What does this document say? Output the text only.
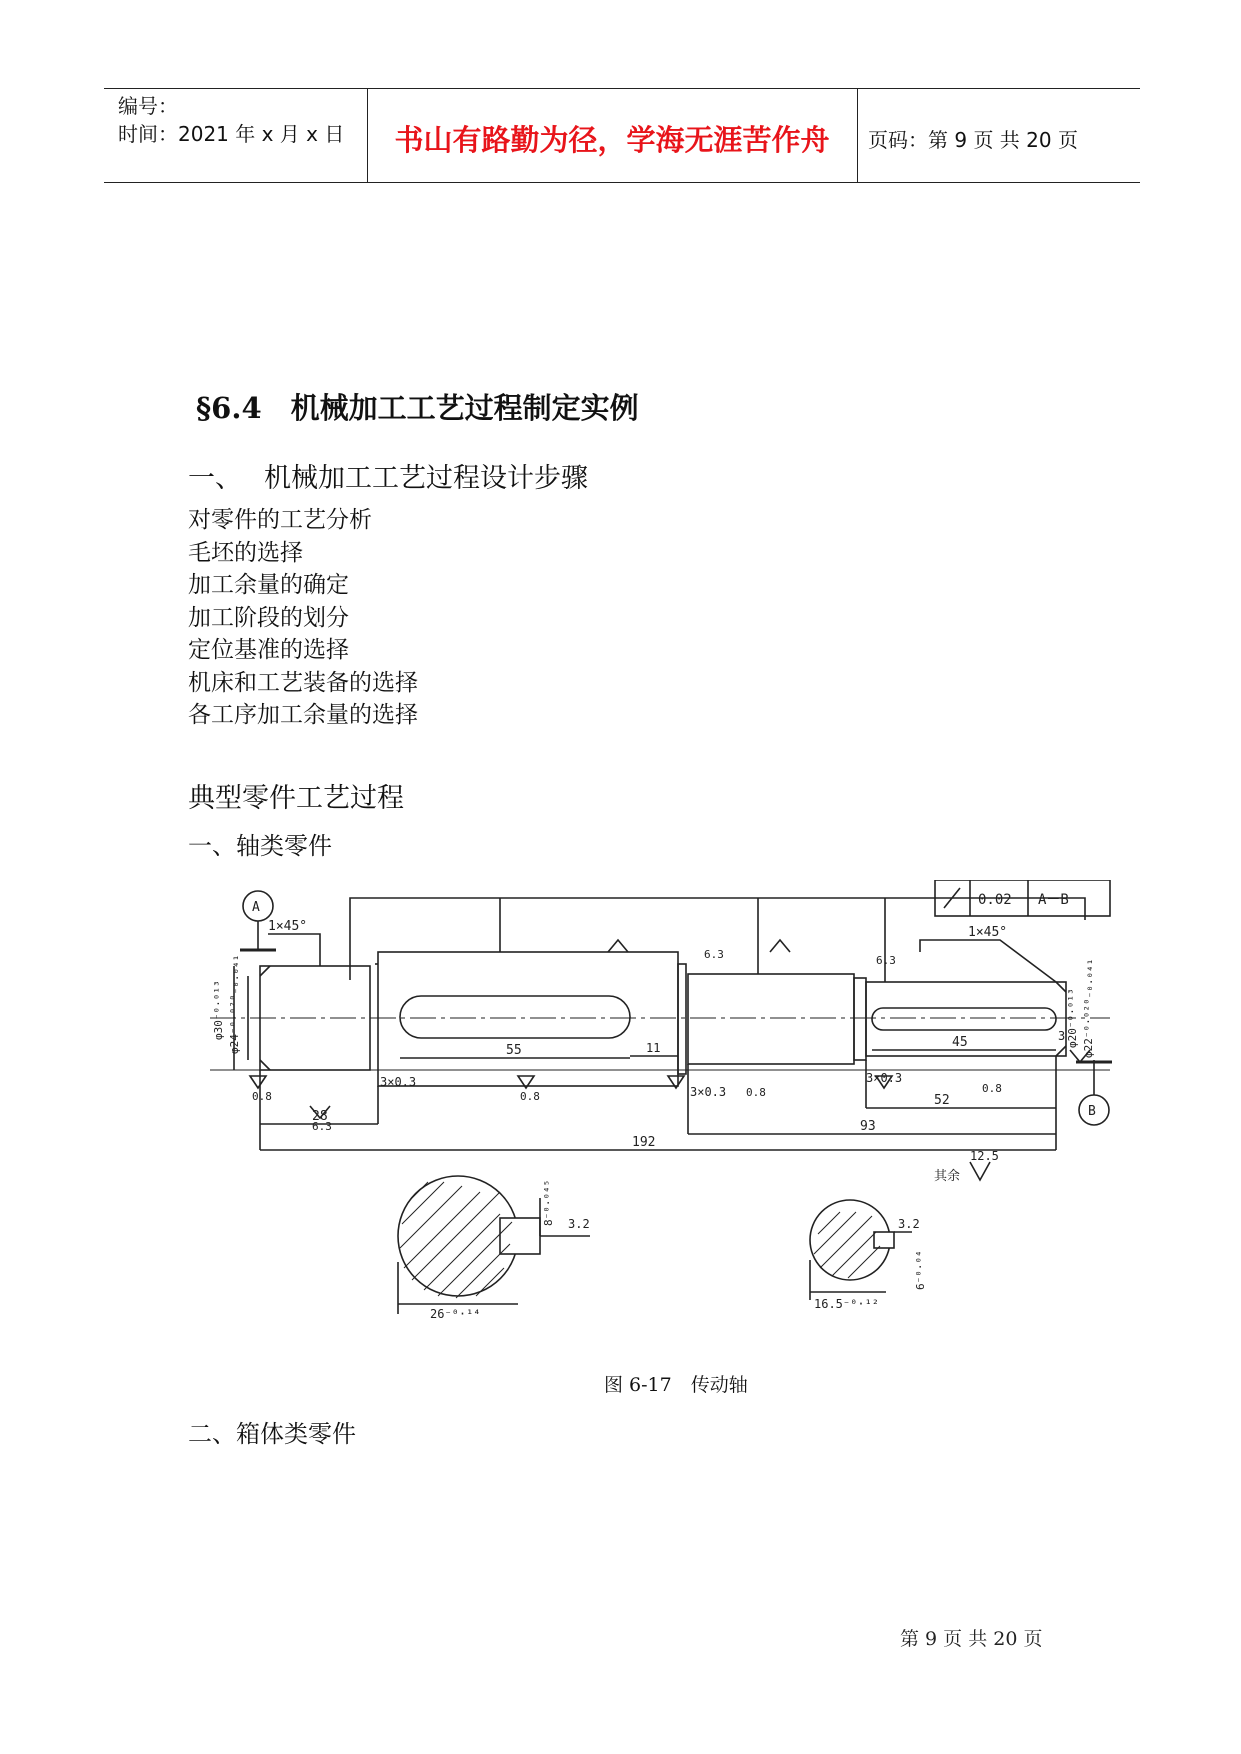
编号：
时间：2021 年 x 月 x 日	书山有路勤为径，学海无涯苦作舟	页码：第 9 页 共 20 页
§6.4　机械加工工艺过程制定实例
一、 机械加工工艺过程设计步骤
对零件的工艺分析
毛坯的选择
加工余量的确定
加工阶段的划分
定位基准的选择
机床和工艺装备的选择
各工序加工余量的选择
典型零件工艺过程
一、轴类零件
0.02 A－B
A
B
1×45°	1×45°
55	11	45	3
28
52
93
192
3×0.3
3×0.3
3×0.3
0.8	0.8	0.8	0.8
6.3	6.3
6.3
3.2	3.2
其余
12.5
φ30⁻⁰·⁰¹³ φ24⁻⁰·⁰²⁰₋₀.₀₄₁	φ20⁻⁰·⁰¹³ φ22⁻⁰·⁰²⁰₋₀.₀₄₁
8⁻⁰·⁰⁴⁵
26⁻⁰·¹⁴
6⁻⁰·⁰⁴
16.5⁻⁰·¹²
图 6-17　传动轴
二、箱体类零件
第 9 页 共 20 页
